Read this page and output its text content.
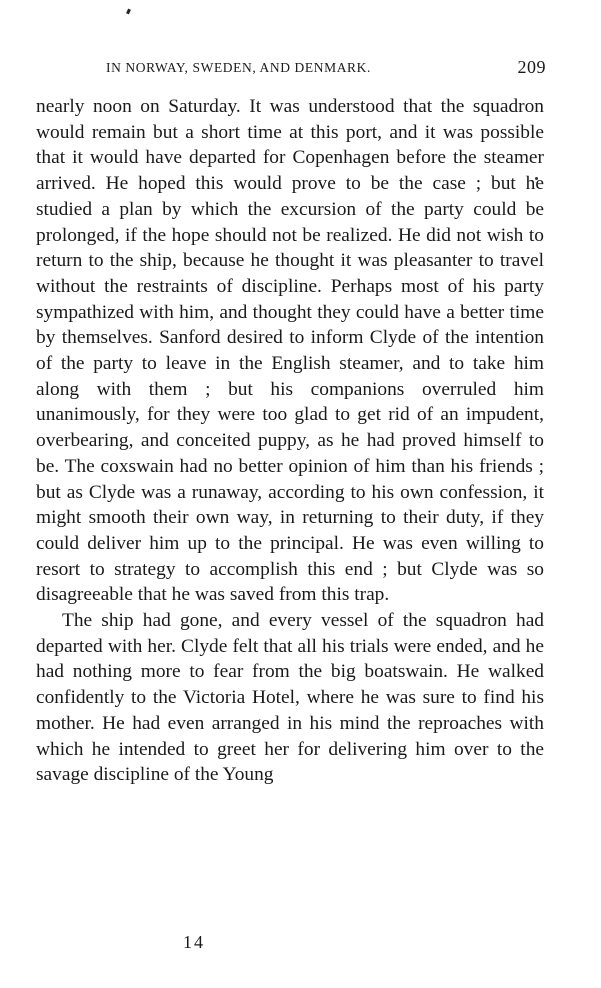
IN NORWAY, SWEDEN, AND DENMARK.	209

nearly noon on Saturday. It was understood that the squadron would remain but a short time at this port, and it was possible that it would have departed for Copenhagen before the steamer arrived. He hoped this would prove to be the case ; but he studied a plan by which the excursion of the party could be prolonged, if the hope should not be realized. He did not wish to return to the ship, because he thought it was pleasanter to travel without the restraints of discipline. Perhaps most of his party sympathized with him, and thought they could have a better time by themselves. Sanford desired to inform Clyde of the intention of the party to leave in the English steamer, and to take him along with them ; but his companions overruled him unanimously, for they were too glad to get rid of an impudent, overbearing, and conceited puppy, as he had proved himself to be. The coxswain had no better opinion of him than his friends ; but as Clyde was a runaway, according to his own confession, it might smooth their own way, in returning to their duty, if they could deliver him up to the principal. He was even willing to resort to strategy to accomplish this end ; but Clyde was so disagreeable that he was saved from this trap.

The ship had gone, and every vessel of the squadron had departed with her. Clyde felt that all his trials were ended, and he had nothing more to fear from the big boatswain. He walked confidently to the Victoria Hotel, where he was sure to find his mother. He had even arranged in his mind the reproaches with which he intended to greet her for delivering him over to the savage discipline of the Young

14
